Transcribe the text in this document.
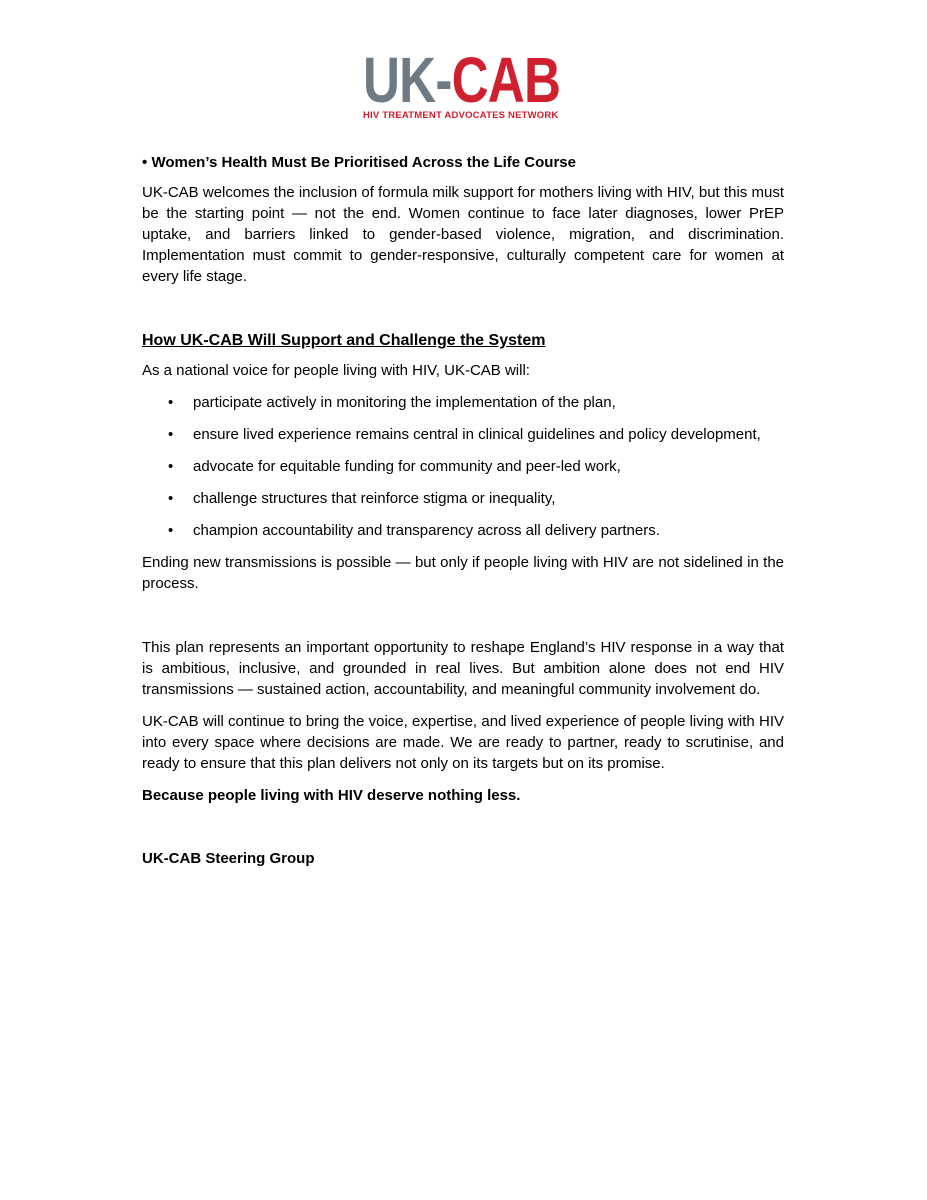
UK-CAB
HIV TREATMENT ADVOCATES NETWORK
• Women’s Health Must Be Prioritised Across the Life Course

UK-CAB welcomes the inclusion of formula milk support for mothers living with HIV, but this must be the starting point — not the end. Women continue to face later diagnoses, lower PrEP uptake, and barriers linked to gender-based violence, migration, and discrimination. Implementation must commit to gender-responsive, culturally competent care for women at every life stage.

How UK-CAB Will Support and Challenge the System

As a national voice for people living with HIV, UK-CAB will:

• participate actively in monitoring the implementation of the plan,
• ensure lived experience remains central in clinical guidelines and policy development,
• advocate for equitable funding for community and peer-led work,
• challenge structures that reinforce stigma or inequality,
• champion accountability and transparency across all delivery partners.

Ending new transmissions is possible — but only if people living with HIV are not sidelined in the process.

This plan represents an important opportunity to reshape England’s HIV response in a way that is ambitious, inclusive, and grounded in real lives. But ambition alone does not end HIV transmissions — sustained action, accountability, and meaningful community involvement do.

UK-CAB will continue to bring the voice, expertise, and lived experience of people living with HIV into every space where decisions are made. We are ready to partner, ready to scrutinise, and ready to ensure that this plan delivers not only on its targets but on its promise.

Because people living with HIV deserve nothing less.
UK-CAB Steering Group
